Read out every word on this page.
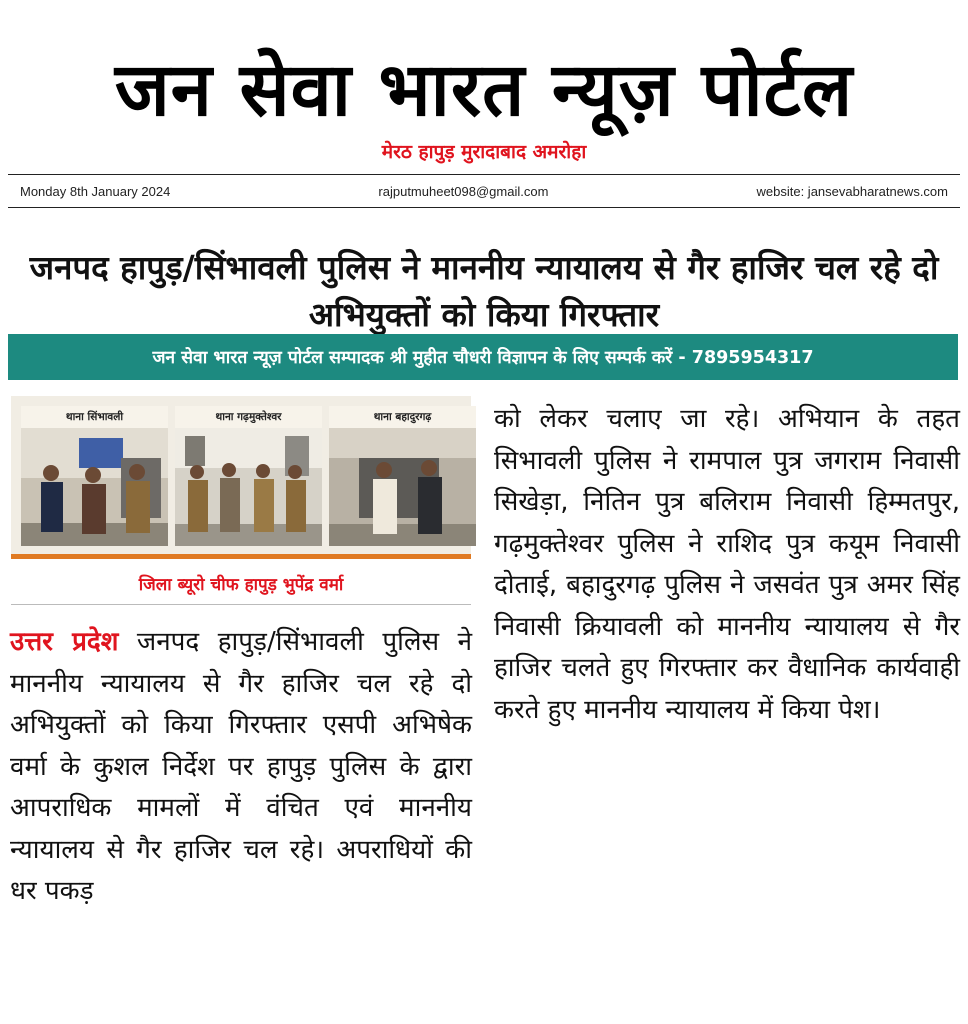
जन सेवा भारत न्यूज़ पोर्टल
मेरठ हापुड़ मुरादाबाद अमरोहा
Monday 8th January 2024	rajputmuheet098@gmail.com	website: jansevabharatnews.com
जनपद हापुड़/सिंभावली पुलिस ने माननीय न्यायालय से गैर हाजिर चल रहे दो अभियुक्तों को किया गिरफ्तार
जन सेवा भारत न्यूज़ पोर्टल सम्पादक श्री मुहीत चौधरी विज्ञापन के लिए सम्पर्क करें - 7895954317
थाना सिंभावली	थाना गढ़मुक्तेश्वर	थाना बहादुरगढ़
जिला ब्यूरो चीफ हापुड़ भुपेंद्र वर्मा
उत्तर प्रदेश जनपद हापुड़/सिंभावली पुलिस ने माननीय न्यायालय से गैर हाजिर चल रहे दो अभियुक्तों को किया गिरफ्तार एसपी अभिषेक वर्मा के कुशल निर्देश पर हापुड़ पुलिस के द्वारा आपराधिक मामलों में वंचित एवं माननीय न्यायालय से गैर हाजिर चल रहे। अपराधियों की धर पकड़
को लेकर चलाए जा रहे। अभियान के तहत सिभावली पुलिस ने रामपाल पुत्र जगराम निवासी सिखेड़ा, नितिन पुत्र बलिराम निवासी हिम्मतपुर, गढ़मुक्तेश्वर पुलिस ने राशिद पुत्र कयूम निवासी दोताई, बहादुरगढ़ पुलिस ने जसवंत पुत्र अमर सिंह निवासी क्रियावली को माननीय न्यायालय से गैर हाजिर चलते हुए गिरफ्तार कर वैधानिक कार्यवाही करते हुए माननीय न्यायालय में किया पेश।
